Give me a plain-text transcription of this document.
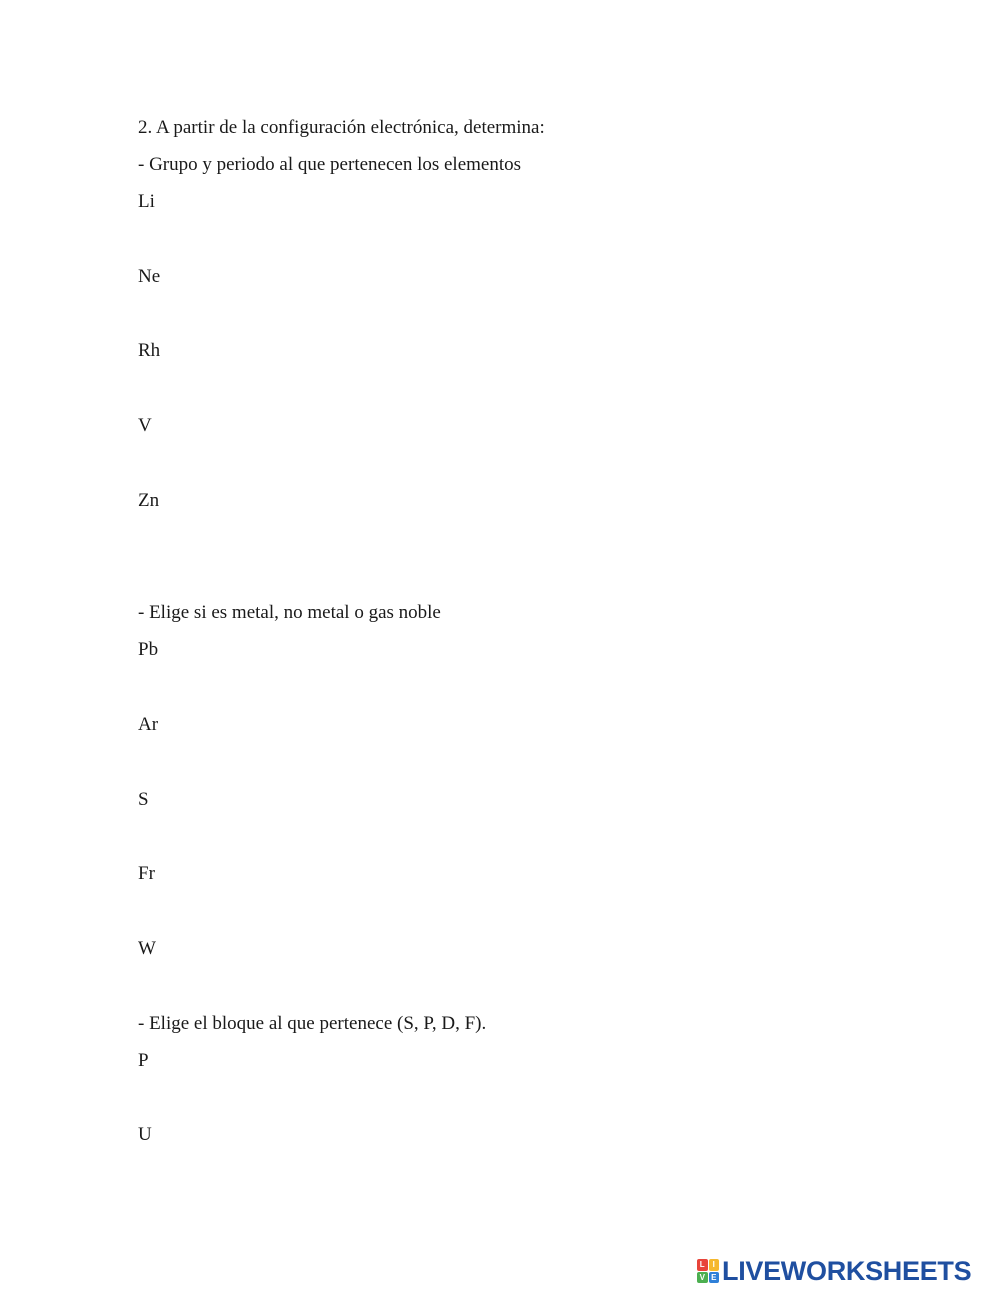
2. A partir de la configuración electrónica, determina:
- Grupo y periodo al que pertenecen los elementos
Li
Ne
Rh
V
Zn
- Elige si es metal, no metal o gas noble
Pb
Ar
S
Fr
W
- Elige el bloque al que pertenece (S, P, D, F).
P
U
L I
V E LIVEWORKSHEETS
